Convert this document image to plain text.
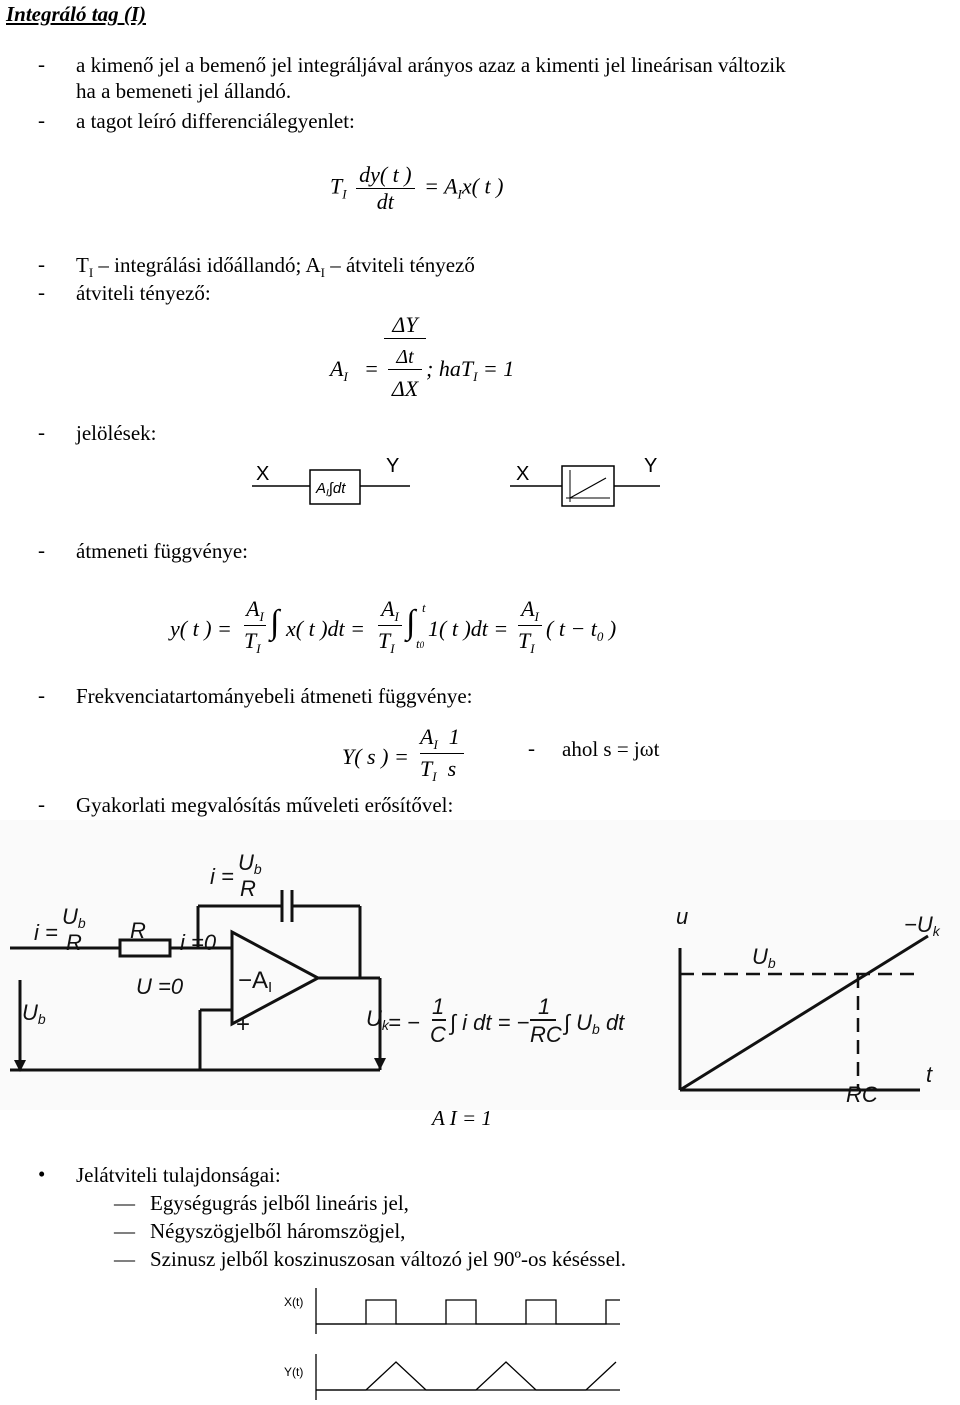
Integráló tag (I)
- a kimenő jel a bemenő jel integráljával arányos azaz a kimenti jel lineárisan változik
ha a bemeneti jel állandó.
- a tagot leíró differenciálegyenlet:
$T_I \frac{dy( t )}{dt} = A_Ix$( t )
- $T_I$ – integrálási időállandó; $A_I$ – átviteli tényező
- átviteli tényező:
$A_I$ =
ΔY
Δt
ΔX
; haT$_I$ = 1
- jelölések:
X
$A_I\int dt$
Y	X	Y
- átmeneti függvénye:
y( t ) =
$A_I$
$T_I$
∫ x( t )dt =
$A_I$
$T_I$
∫ t
t0
1( t )dt =
$A_I$
$T_I$
( $t - t_0$ )
- Frekvenciatartományebeli átmeneti függvénye:
Y( s ) =
$A_I$ 1
$T_I$ s
- ahol s = jωt
- Gyakorlati megvalósítás műveleti erősítővel:
i =
Ub
R
i =
Ub
R R i =0
U =0
Ub	Uk = −
1
C ∫ i dt = −
1
RC ∫ Ub dt
u	−Uk
Ub
t
RC
−
+
AI
A I = 1
• Jelátviteli tulajdonságai:
— Egységugrás jelből lineáris jel,
— Négyszögjelből háromszögjel,
— Szinusz jelből koszinuszosan változó jel 90º-os késéssel.
X(t)
Y(t)
